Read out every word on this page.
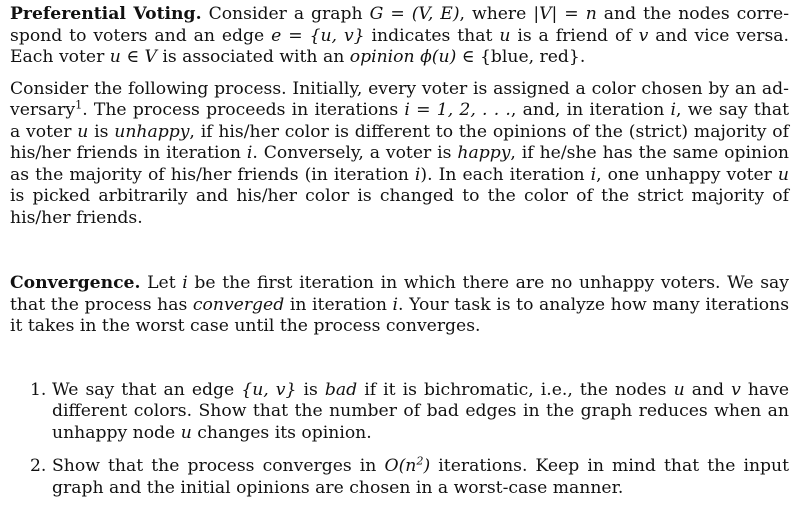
Preferential Voting. Consider a graph G = (V, E), where |V| = n and the nodes corre-spond to voters and an edge e = {u, v} indicates that u is a friend of v and vice versa. Each voter u ∈ V is associated with an opinion ϕ(u) ∈ {blue, red}.

Consider the following process. Initially, every voter is assigned a color chosen by an ad-versary$^1$. The process proceeds in iterations i = 1, 2, . . ., and, in iteration i, we say that a voter u is unhappy, if his/her color is different to the opinions of the (strict) majority of his/her friends in iteration i. Conversely, a voter is happy, if he/she has the same opinion as the majority of his/her friends (in iteration i). In each iteration i, one unhappy voter u is picked arbitrarily and his/her color is changed to the color of the strict majority of his/her friends.

Convergence. Let i be the first iteration in which there are no unhappy voters. We say that the process has converged in iteration i. Your task is to analyze how many iterations it takes in the worst case until the process converges.

1. We say that an edge {u, v} is bad if it is bichromatic, i.e., the nodes u and v have different colors. Show that the number of bad edges in the graph reduces when an unhappy node u changes its opinion.
2. Show that the process converges in $O(n^2)$ iterations. Keep in mind that the input graph and the initial opinions are chosen in a worst-case manner.
